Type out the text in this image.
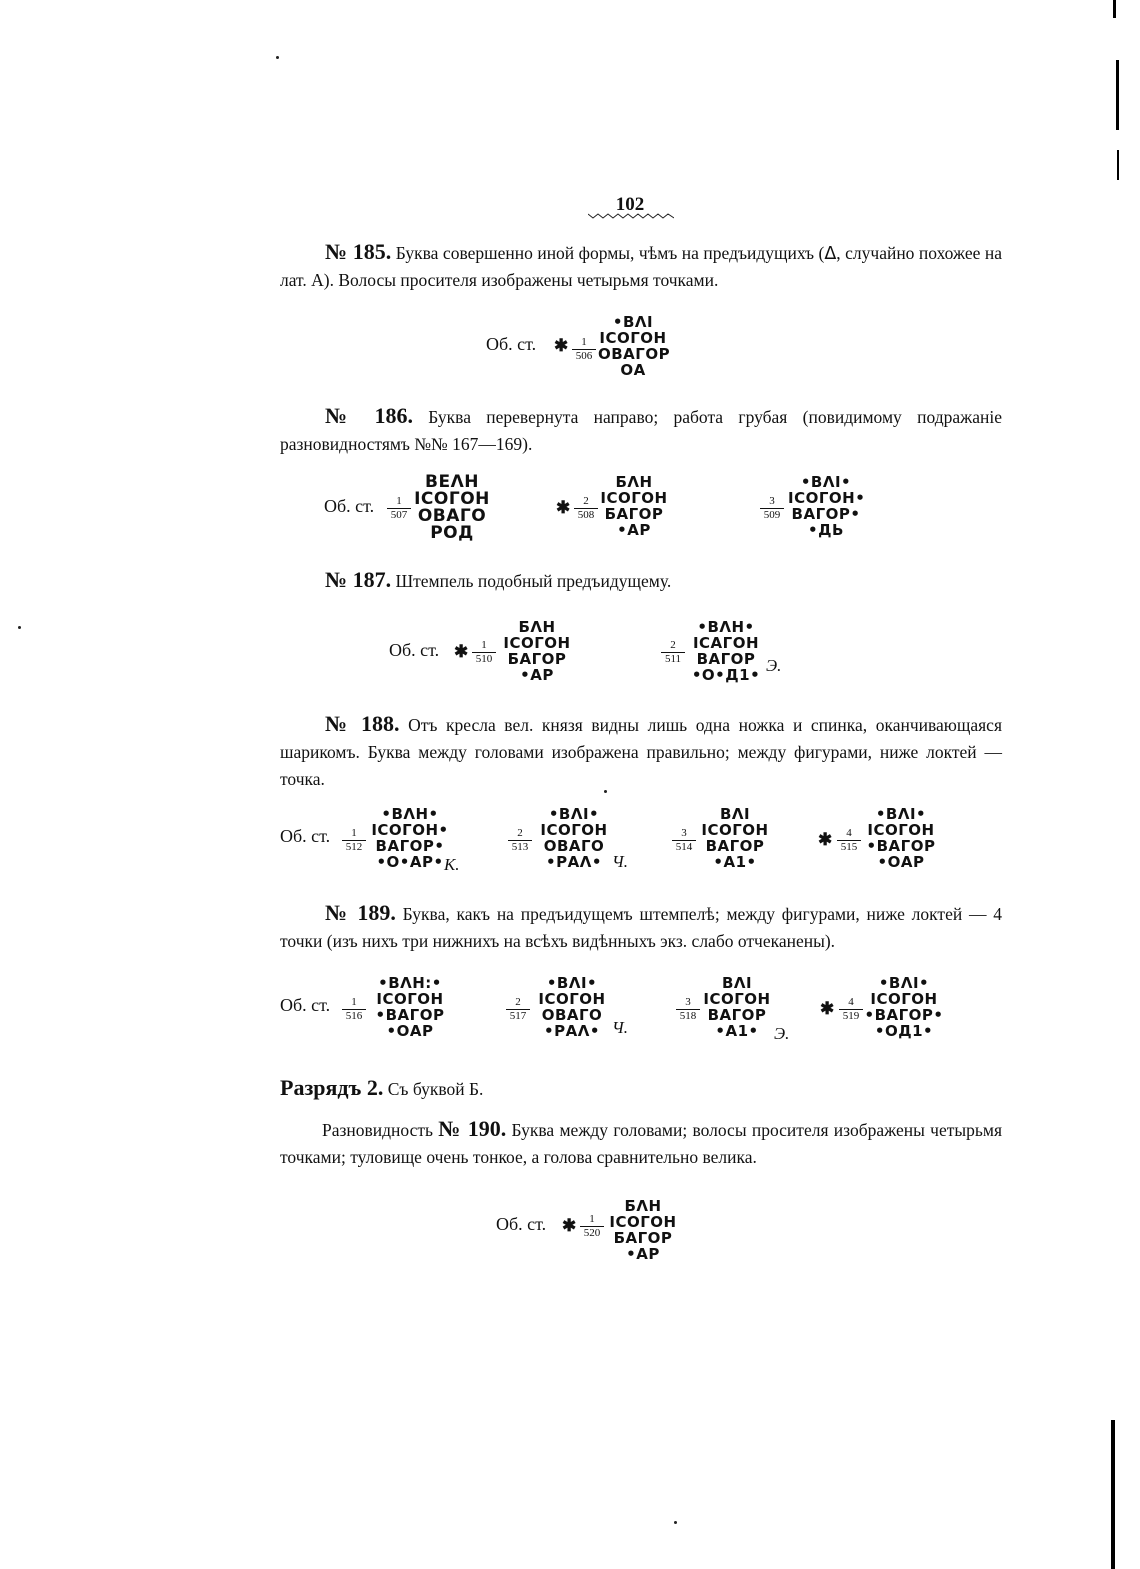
102
№ 185. Буква совершенно иной формы, чѣмъ на предъидущихъ (ᐃ, случайно похожее на лат. A). Волосы просителя изображены четырьмя точками.
Об. ст. ✱ $\frac{1}{506}$
•ВΛІ
ІСОГОН
ОВАГОР
ОА
№ 186. Буква перевернута направо; работа грубая (повидимому подражаніе разновидностямъ №№ 167—169).
Об. ст. $\frac{1}{507}$
ВЕΛН
ІСОГОН
ОВАГО
РОД
✱ $\frac{2}{508}$
БΛН
ІСОГОН
БАГОР
•АР
$\frac{3}{509}$
•ВΛІ•
ІСОГОН•
ВАГОР•
•ДЬ
№ 187. Штемпель подобный предъидущему.
Об. ст. ✱ $\frac{1}{510}$
БΛН
ІСОГОН
БАГОР
•АР
$\frac{2}{511}$
•ВΛН•
ІСАГОН
ВАГОР
•О•Д1• Э.
№ 188. Отъ кресла вел. князя видны лишь одна ножка и спинка, оканчивающаяся шарикомъ. Буква между головами изображена правильно; между фигурами, ниже локтей — точка.
Об. ст. $\frac{1}{512}$
•ВΛН•
ІСОГОН•
ВАГОР•
•О•АР• К.
$\frac{2}{513}$
•ВΛІ•
ІСОГОН
ОВАГО
•РАΛ• Ч.
$\frac{3}{514}$
ВΛІ
ІСОГОН
ВАГОР
•А1•
✱ $\frac{4}{515}$
•ВΛІ•
ІСОГОН
•ВАГОР
•ОАР
№ 189. Буква, какъ на предъидущемъ штемпелѣ; между фигурами, ниже локтей — 4 точки (изъ нихъ три нижнихъ на всѣхъ видѣнныхъ экз. слабо отчеканены).
Об. ст. $\frac{1}{516}$
•ВΛН:•
ІСОГОН
•ВАГОР
•ОАР
$\frac{2}{517}$
•ВΛІ•
ІСОГОН
ОВАГО
•РАΛ• Ч.
$\frac{3}{518}$
ВΛІ
ІСОГОН
ВАГОР
•А1• Э.
✱ $\frac{4}{519}$
•ВΛІ•
ІСОГОН
•ВАГОР•
•ОД1•
Разрядъ 2. Съ буквой Б.
Разновидность № 190. Буква между головами; волосы просителя изображены четырьмя точками; туловище очень тонкое, а голова сравнительно велика.
Об. ст. ✱ $\frac{1}{520}$
БΛН
ІСОГОН
БАГОР
•АР
